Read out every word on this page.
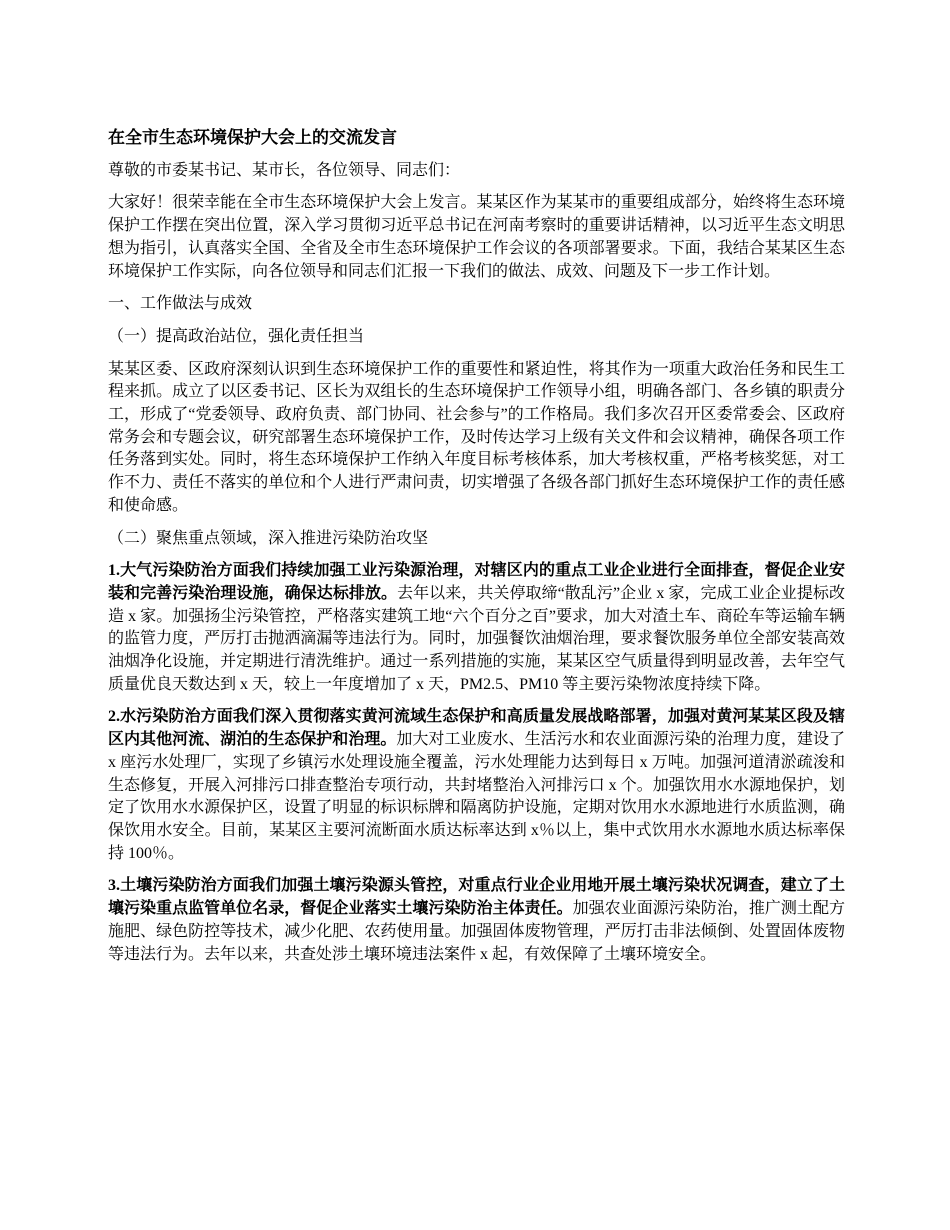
在全市生态环境保护大会上的交流发言

尊敬的市委某书记、某市长，各位领导、同志们：

大家好！很荣幸能在全市生态环境保护大会上发言。某某区作为某某市的重要组成部分，始终将生态环境保护工作摆在突出位置，深入学习贯彻习近平总书记在河南考察时的重要讲话精神，以习近平生态文明思想为指引，认真落实全国、全省及全市生态环境保护工作会议的各项部署要求。下面，我结合某某区生态环境保护工作实际，向各位领导和同志们汇报一下我们的做法、成效、问题及下一步工作计划。

一、工作做法与成效

（一）提高政治站位，强化责任担当

某某区委、区政府深刻认识到生态环境保护工作的重要性和紧迫性，将其作为一项重大政治任务和民生工程来抓。成立了以区委书记、区长为双组长的生态环境保护工作领导小组，明确各部门、各乡镇的职责分工，形成了“党委领导、政府负责、部门协同、社会参与”的工作格局。我们多次召开区委常委会、区政府常务会和专题会议，研究部署生态环境保护工作，及时传达学习上级有关文件和会议精神，确保各项工作任务落到实处。同时，将生态环境保护工作纳入年度目标考核体系，加大考核权重，严格考核奖惩，对工作不力、责任不落实的单位和个人进行严肃问责，切实增强了各级各部门抓好生态环境保护工作的责任感和使命感。

（二）聚焦重点领域，深入推进污染防治攻坚

1.大气污染防治方面我们持续加强工业污染源治理，对辖区内的重点工业企业进行全面排查，督促企业安装和完善污染治理设施，确保达标排放。去年以来，共关停取缔“散乱污”企业 x 家，完成工业企业提标改造 x 家。加强扬尘污染管控，严格落实建筑工地“六个百分之百”要求，加大对渣土车、商砼车等运输车辆的监管力度，严厉打击抛洒滴漏等违法行为。同时，加强餐饮油烟治理，要求餐饮服务单位全部安装高效油烟净化设施，并定期进行清洗维护。通过一系列措施的实施，某某区空气质量得到明显改善，去年空气质量优良天数达到 x 天，较上一年度增加了 x 天，PM2.5、PM10 等主要污染物浓度持续下降。

2.水污染防治方面我们深入贯彻落实黄河流域生态保护和高质量发展战略部署，加强对黄河某某区段及辖区内其他河流、湖泊的生态保护和治理。加大对工业废水、生活污水和农业面源污染的治理力度，建设了 x 座污水处理厂，实现了乡镇污水处理设施全覆盖，污水处理能力达到每日 x 万吨。加强河道清淤疏浚和生态修复，开展入河排污口排查整治专项行动，共封堵整治入河排污口 x 个。加强饮用水水源地保护，划定了饮用水水源保护区，设置了明显的标识标牌和隔离防护设施，定期对饮用水水源地进行水质监测，确保饮用水安全。目前，某某区主要河流断面水质达标率达到 x％以上，集中式饮用水水源地水质达标率保持 100％。

3.土壤污染防治方面我们加强土壤污染源头管控，对重点行业企业用地开展土壤污染状况调查，建立了土壤污染重点监管单位名录，督促企业落实土壤污染防治主体责任。加强农业面源污染防治，推广测土配方施肥、绿色防控等技术，减少化肥、农药使用量。加强固体废物管理，严厉打击非法倾倒、处置固体废物等违法行为。去年以来，共查处涉土壤环境违法案件 x 起，有效保障了土壤环境安全。
